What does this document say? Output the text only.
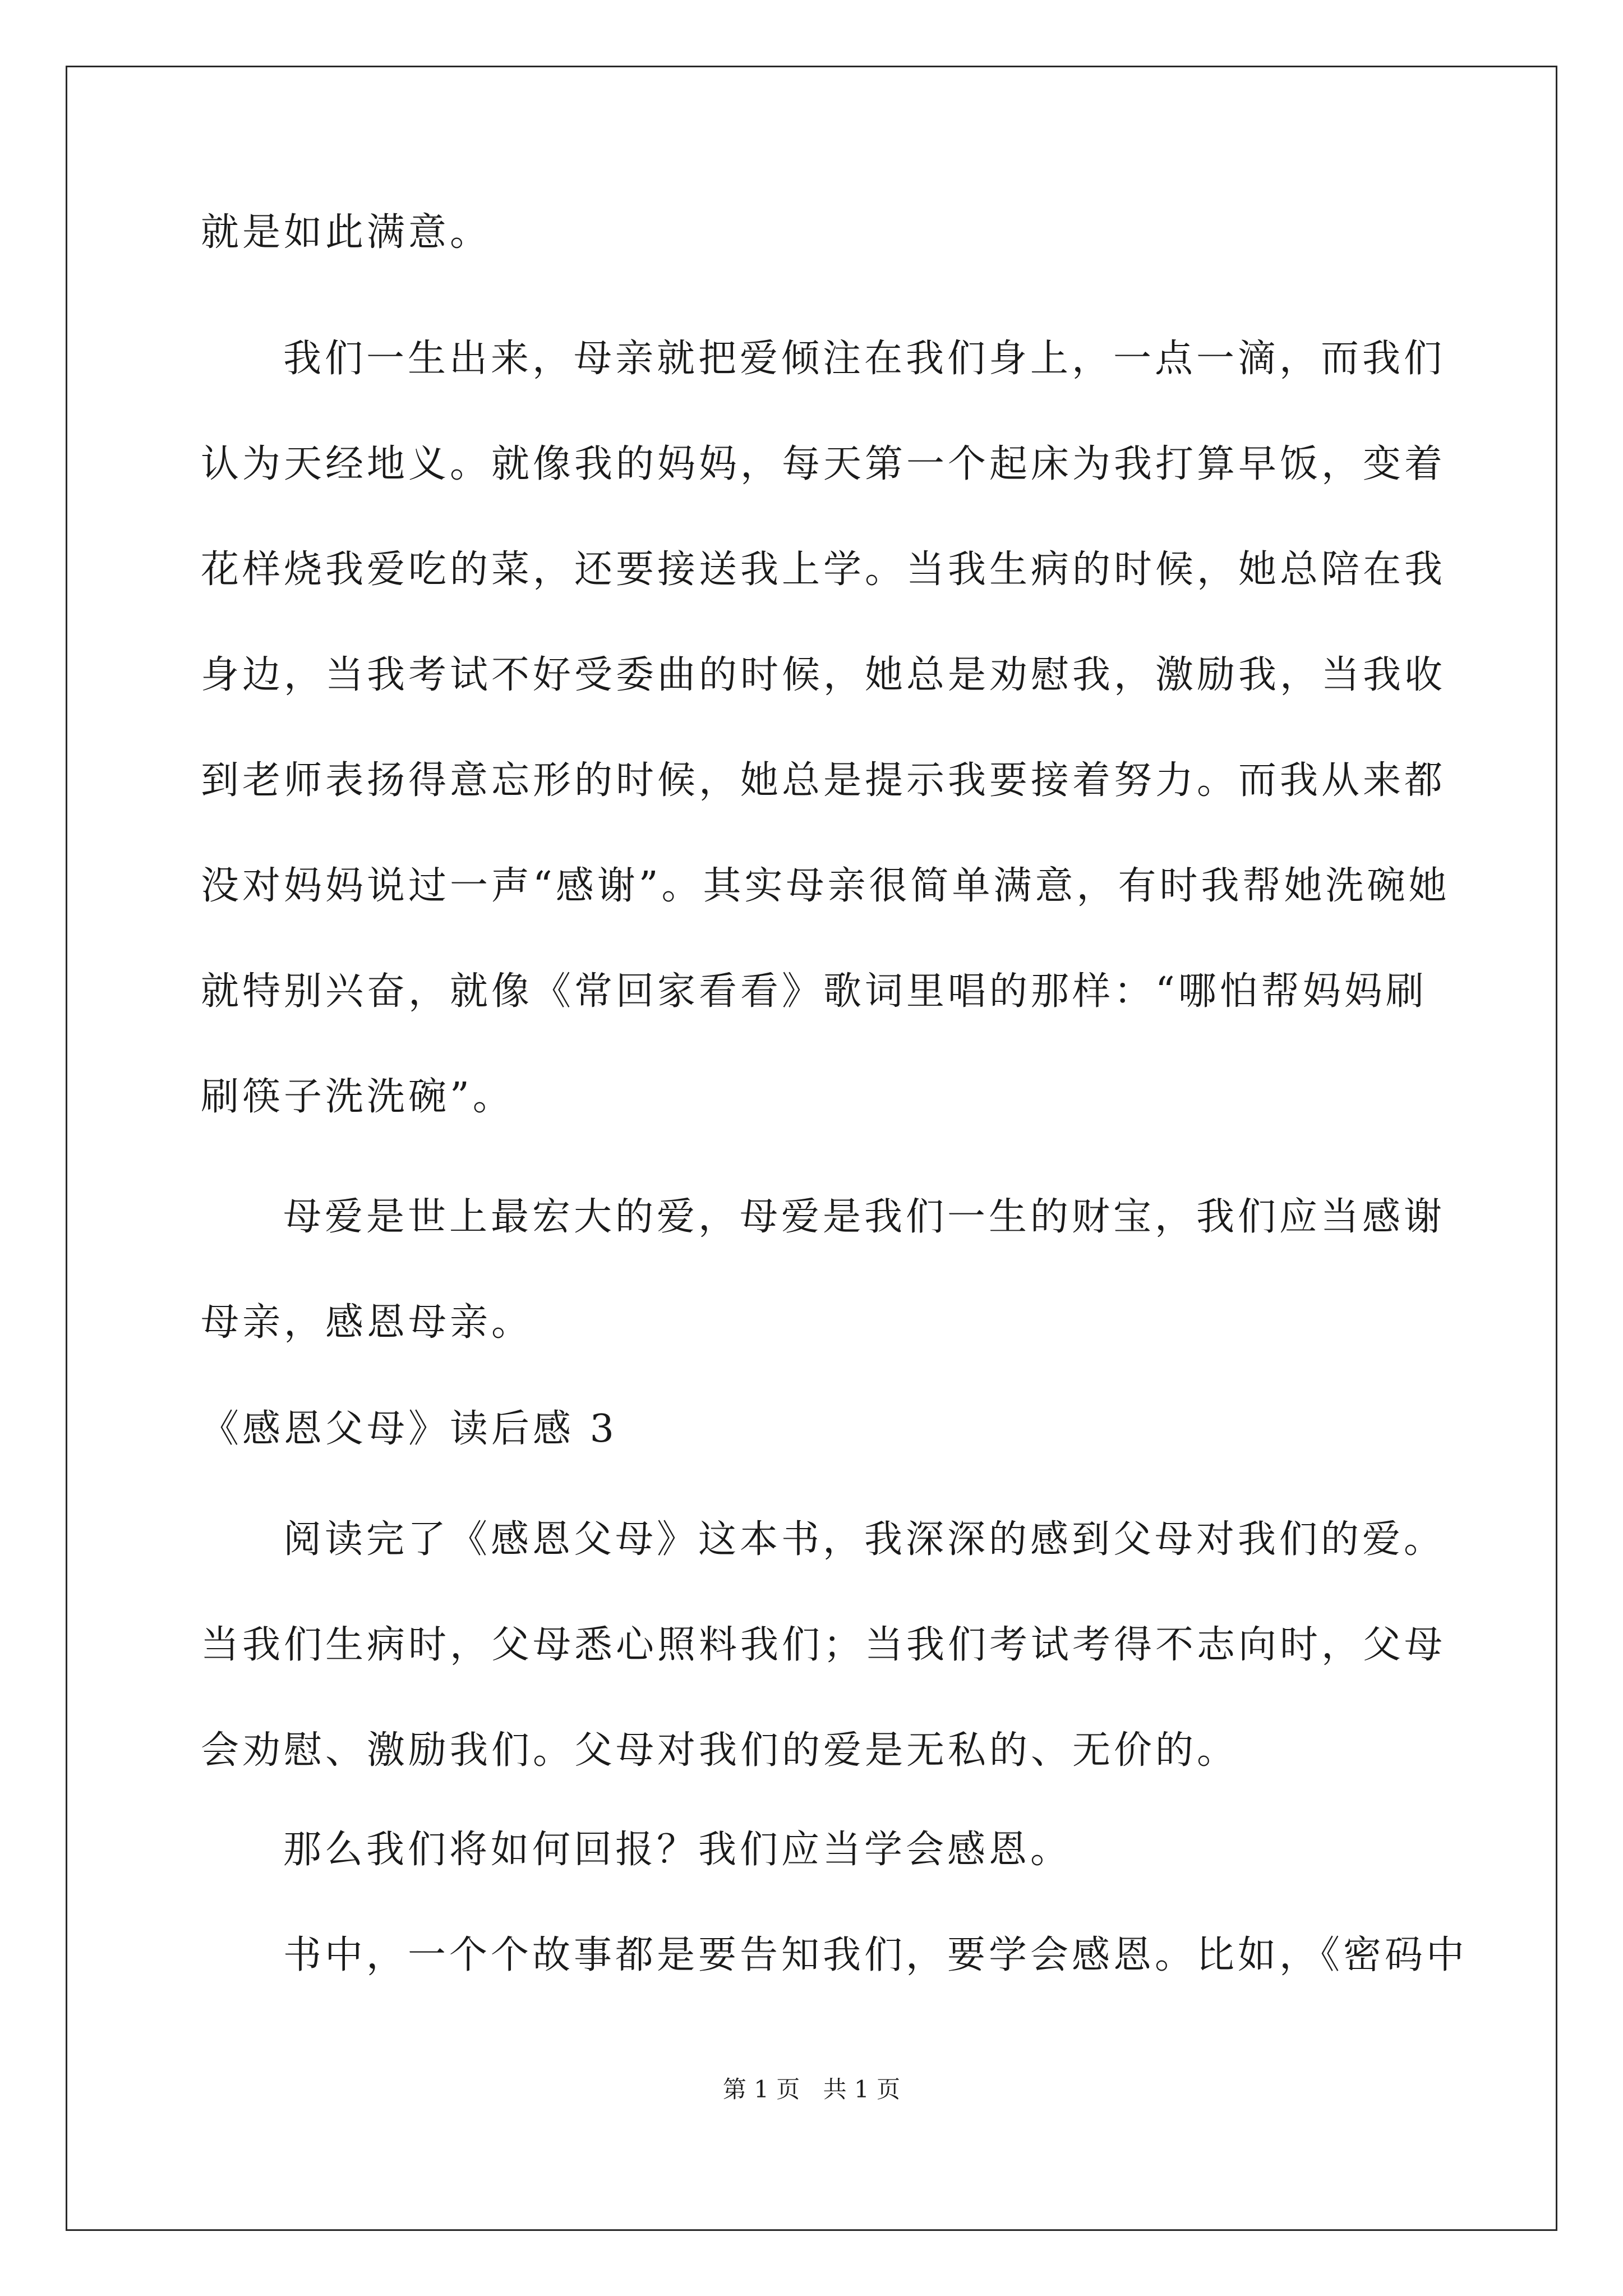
就是如此满意。
我们一生出来，母亲就把爱倾注在我们身上，一点一滴，而我们
认为天经地义。就像我的妈妈，每天第一个起床为我打算早饭，变着
花样烧我爱吃的菜，还要接送我上学。当我生病的时候，她总陪在我
身边，当我考试不好受委曲的时候，她总是劝慰我，激励我，当我收
到老师表扬得意忘形的时候，她总是提示我要接着努力。而我从来都
没对妈妈说过一声“感谢”。其实母亲很简单满意，有时我帮她洗碗她
就特别兴奋，就像《常回家看看》歌词里唱的那样：“哪怕帮妈妈刷
刷筷子洗洗碗”。
母爱是世上最宏大的爱，母爱是我们一生的财宝，我们应当感谢
母亲，感恩母亲。
《感恩父母》读后感 3
阅读完了《感恩父母》这本书，我深深的感到父母对我们的爱。
当我们生病时，父母悉心照料我们；当我们考试考得不志向时，父母
会劝慰、激励我们。父母对我们的爱是无私的、无价的。
那么我们将如何回报？我们应当学会感恩。
书中，一个个故事都是要告知我们，要学会感恩。比如，《密码中
第 1 页 共 1 页
